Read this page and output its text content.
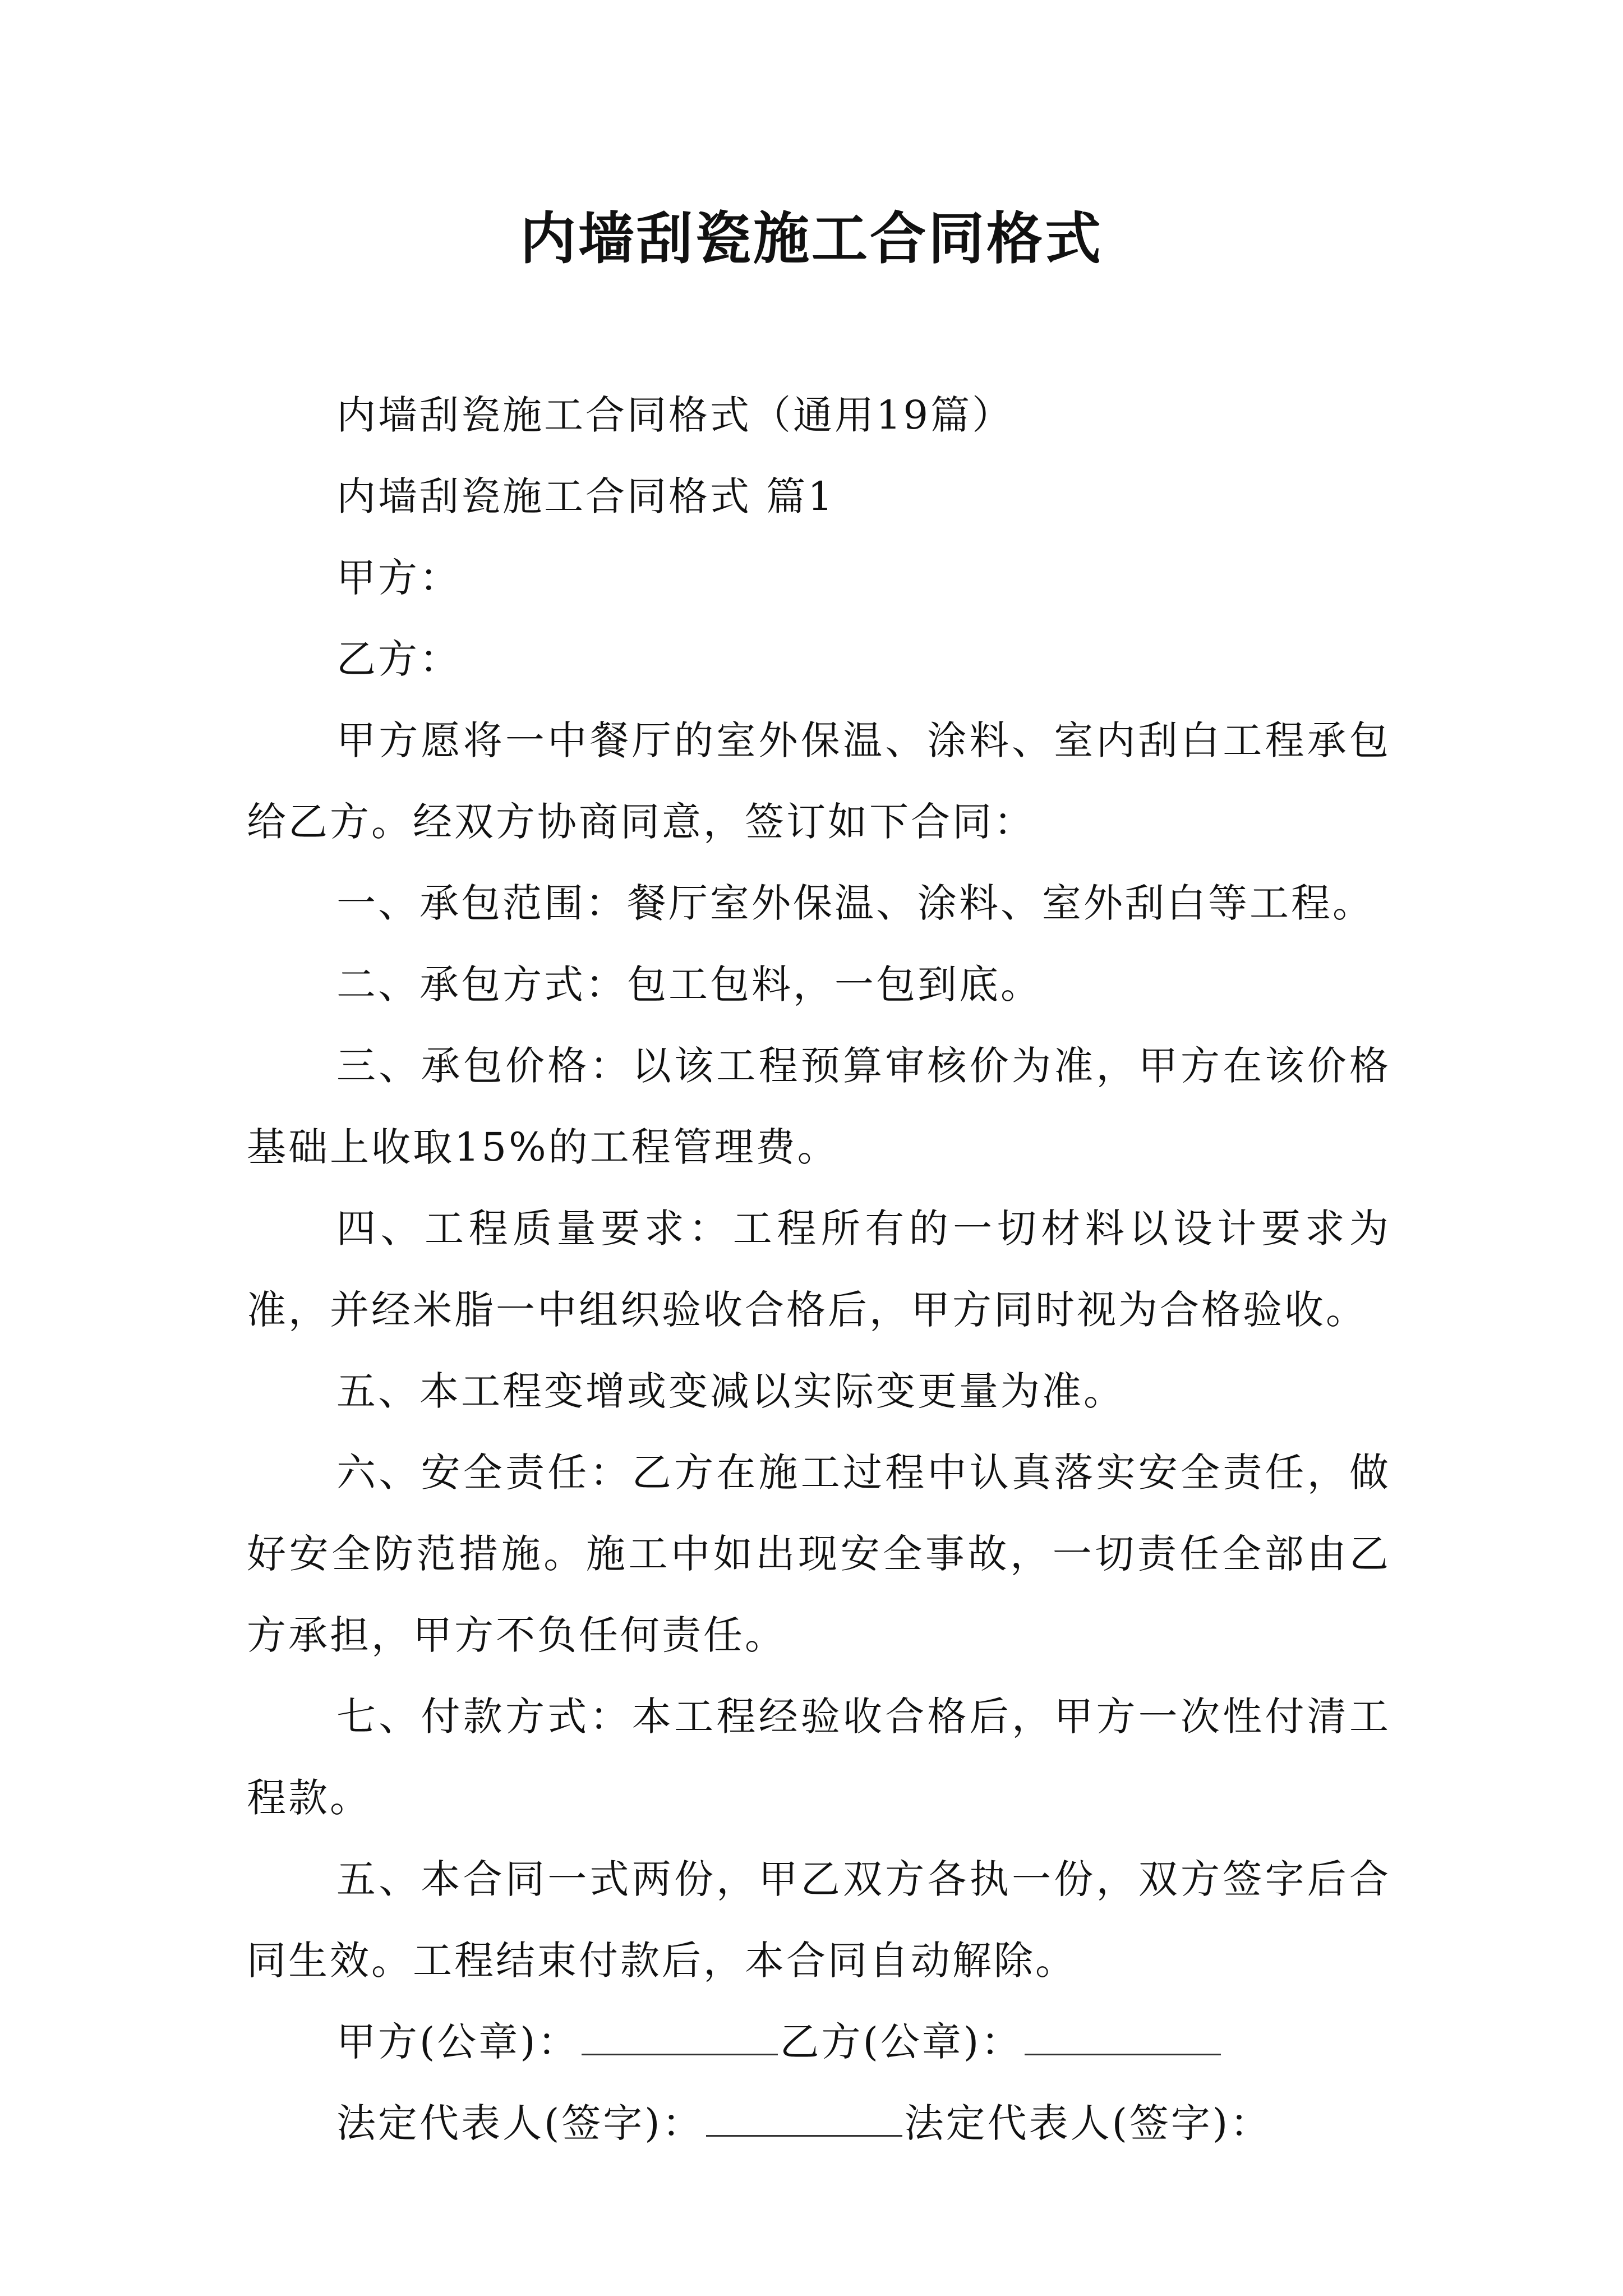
内墙刮瓷施工合同格式

内墙刮瓷施工合同格式（通用19篇）

内墙刮瓷施工合同格式 篇1

甲方：

乙方：

甲方愿将一中餐厅的室外保温、涂料、室内刮白工程承包给乙方。经双方协商同意，签订如下合同：

一、承包范围：餐厅室外保温、涂料、室外刮白等工程。

二、承包方式：包工包料，一包到底。

三、承包价格：以该工程预算审核价为准，甲方在该价格基础上收取15%的工程管理费。

四、工程质量要求：工程所有的一切材料以设计要求为准，并经米脂一中组织验收合格后，甲方同时视为合格验收。

五、本工程变增或变减以实际变更量为准。

六、安全责任：乙方在施工过程中认真落实安全责任，做好安全防范措施。施工中如出现安全事故，一切责任全部由乙方承担，甲方不负任何责任。

七、付款方式：本工程经验收合格后，甲方一次性付清工程款。

五、本合同一式两份，甲乙双方各执一份，双方签字后合同生效。工程结束付款后，本合同自动解除。

甲方(公章)：	乙方(公章)：

法定代表人(签字)：	法定代表人(签字)：
